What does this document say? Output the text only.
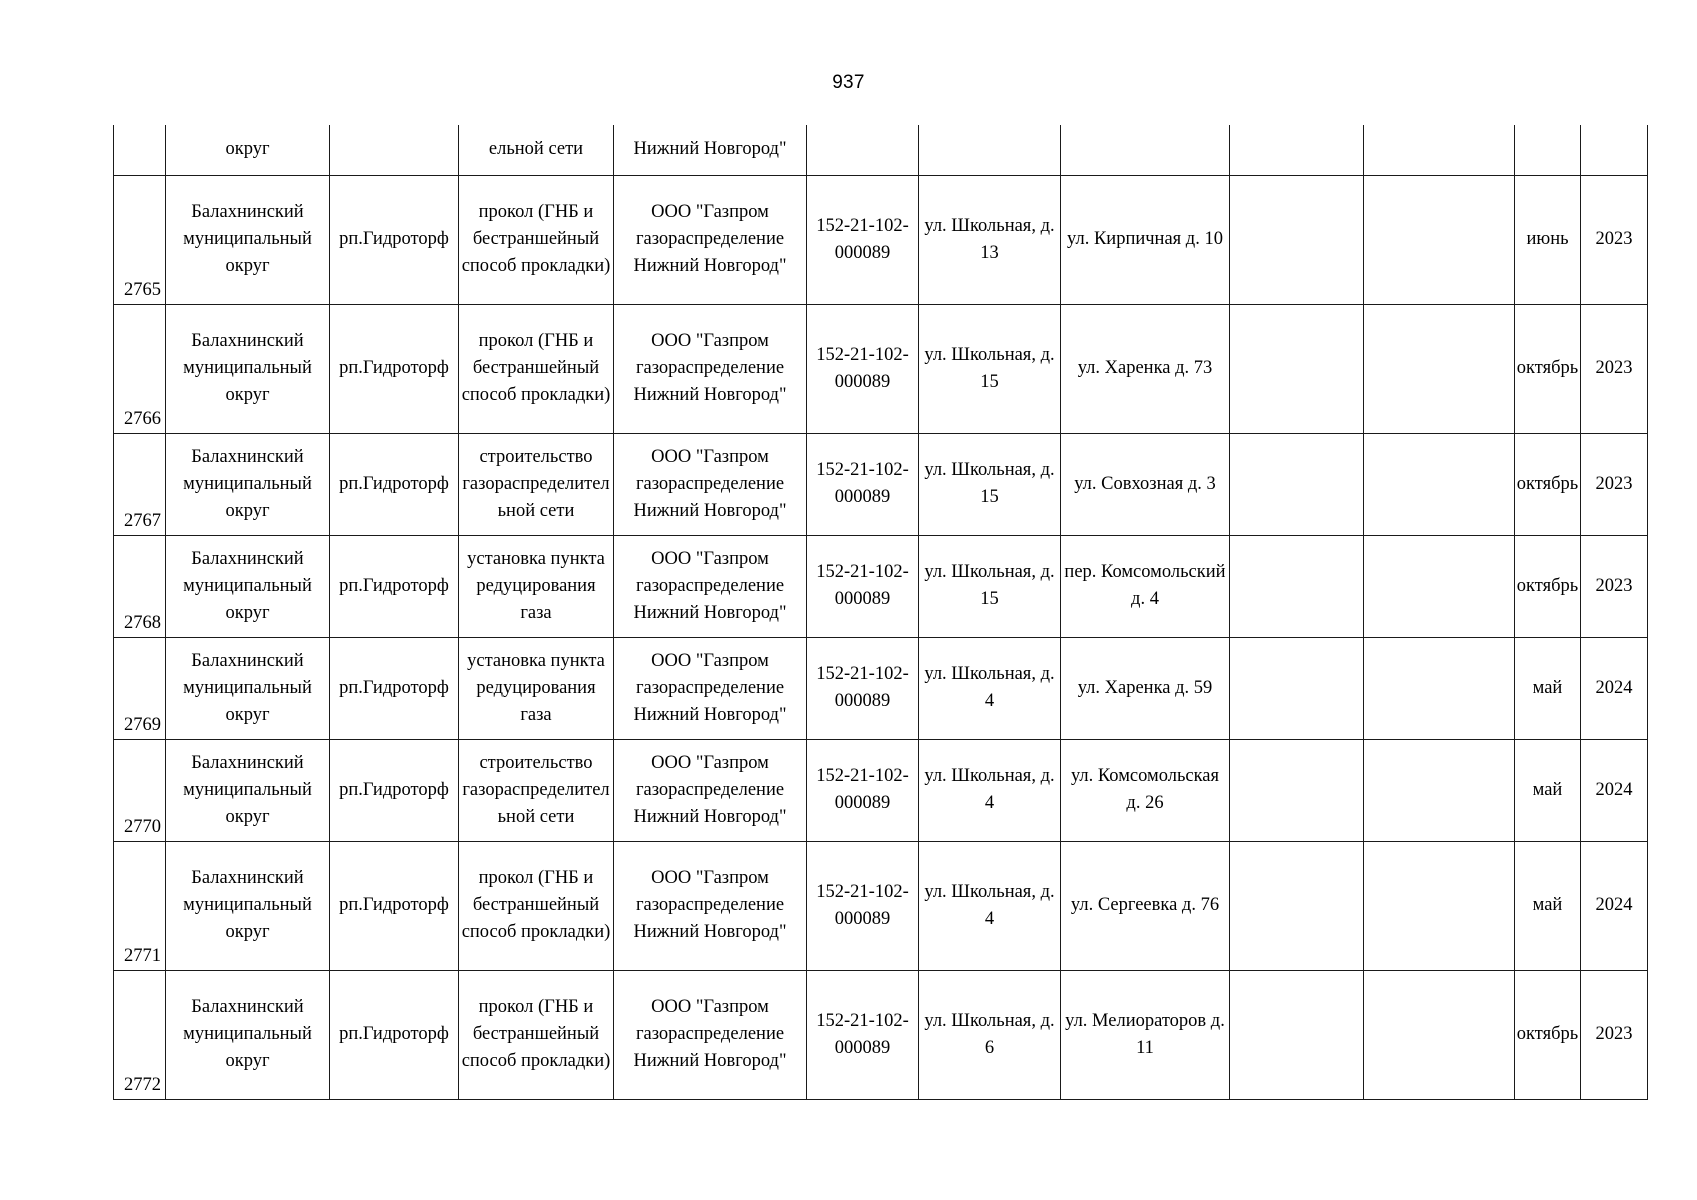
937
	округ		ельной сети	Нижний Новгород"							
2765	Балахнинский муниципальный округ	рп.Гидроторф	прокол (ГНБ и бестраншейный способ прокладки)	ООО "Газпром газораспределение Нижний Новгород"	152-21-102-000089	ул. Школьная, д. 13	ул. Кирпичная д. 10			июнь	2023
2766	Балахнинский муниципальный округ	рп.Гидроторф	прокол (ГНБ и бестраншейный способ прокладки)	ООО "Газпром газораспределение Нижний Новгород"	152-21-102-000089	ул. Школьная, д. 15	ул. Харенка д. 73			октябрь	2023
2767	Балахнинский муниципальный округ	рп.Гидроторф	строительство газораспределительной сети	ООО "Газпром газораспределение Нижний Новгород"	152-21-102-000089	ул. Школьная, д. 15	ул. Совхозная д. 3			октябрь	2023
2768	Балахнинский муниципальный округ	рп.Гидроторф	установка пункта редуцирования газа	ООО "Газпром газораспределение Нижний Новгород"	152-21-102-000089	ул. Школьная, д. 15	пер. Комсомольский д. 4			октябрь	2023
2769	Балахнинский муниципальный округ	рп.Гидроторф	установка пункта редуцирования газа	ООО "Газпром газораспределение Нижний Новгород"	152-21-102-000089	ул. Школьная, д. 4	ул. Харенка д. 59			май	2024
2770	Балахнинский муниципальный округ	рп.Гидроторф	строительство газораспределительной сети	ООО "Газпром газораспределение Нижний Новгород"	152-21-102-000089	ул. Школьная, д. 4	ул. Комсомольская д. 26			май	2024
2771	Балахнинский муниципальный округ	рп.Гидроторф	прокол (ГНБ и бестраншейный способ прокладки)	ООО "Газпром газораспределение Нижний Новгород"	152-21-102-000089	ул. Школьная, д. 4	ул. Сергеевка д. 76			май	2024
2772	Балахнинский муниципальный округ	рп.Гидроторф	прокол (ГНБ и бестраншейный способ прокладки)	ООО "Газпром газораспределение Нижний Новгород"	152-21-102-000089	ул. Школьная, д. 6	ул. Мелиораторов д. 11			октябрь	2023
